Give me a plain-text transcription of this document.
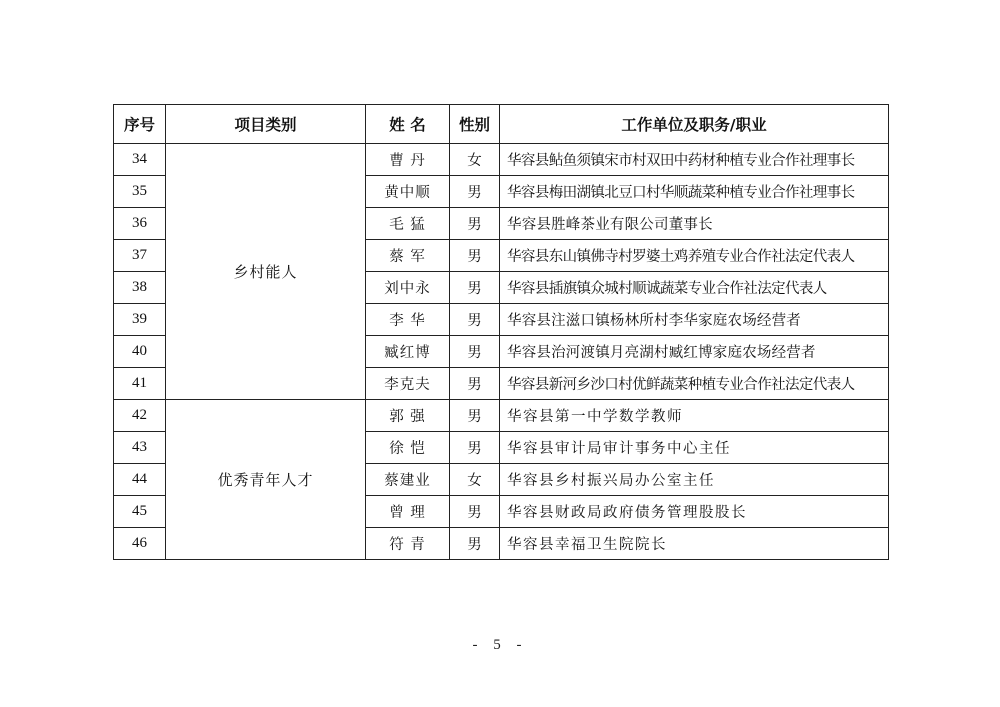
序号	项目类别	姓 名	性别	工作单位及职务/职业
34	乡村能人	曹 丹	女	华容县鲇鱼须镇宋市村双田中药材种植专业合作社理事长
35		黄中顺	男	华容县梅田湖镇北豆口村华顺蔬菜种植专业合作社理事长
36		毛 猛	男	华容县胜峰茶业有限公司董事长
37		蔡 军	男	华容县东山镇佛寺村罗婆土鸡养殖专业合作社法定代表人
38		刘中永	男	华容县插旗镇众城村顺诚蔬菜专业合作社法定代表人
39		李 华	男	华容县注滋口镇杨林所村李华家庭农场经营者
40		臧红博	男	华容县治河渡镇月亮湖村臧红博家庭农场经营者
41		李克夫	男	华容县新河乡沙口村优鲜蔬菜种植专业合作社法定代表人
42	优秀青年人才	郭 强	男	华容县第一中学数学教师
43		徐 恺	男	华容县审计局审计事务中心主任
44		蔡建业	女	华容县乡村振兴局办公室主任
45		曾 理	男	华容县财政局政府债务管理股股长
46		符 青	男	华容县幸福卫生院院长
- 5 -
